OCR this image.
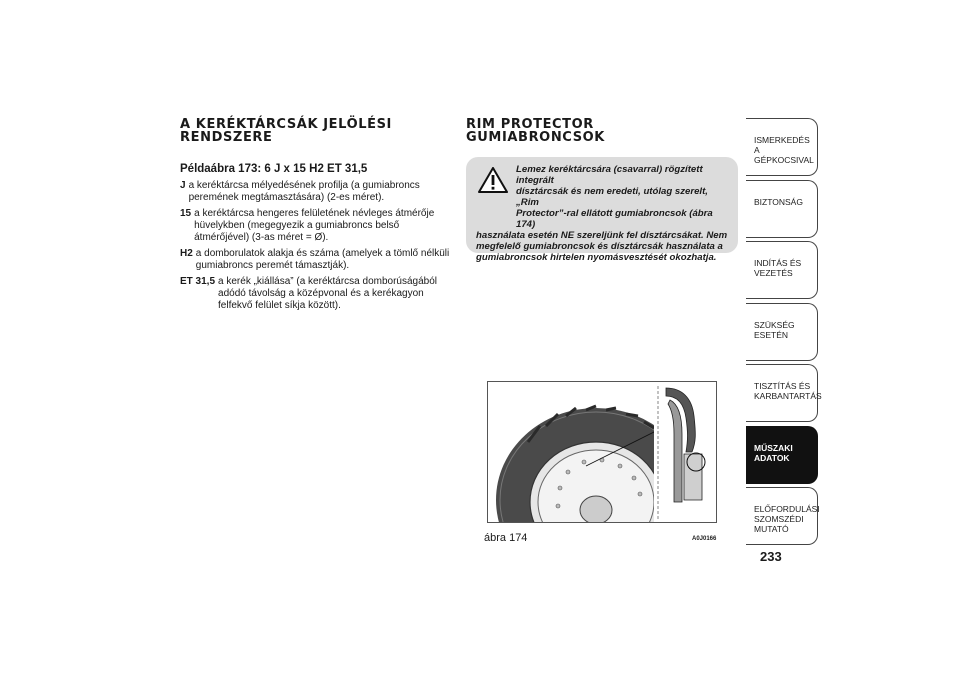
A KERÉKTÁRCSÁK JELÖLÉSI
RENDSZERE
Példaábra 173: 6 J x 15 H2 ET 31,5
J a keréktárcsa mélyedésének profilja (a gumiabroncs peremének megtámasztására) (2-es méret).
15 a keréktárcsa hengeres felületének névleges átmérője hüvelykben (megegyezik a gumiabroncs belső átmérőjével) (3-as méret = Ø).
H2 a domborulatok alakja és száma (amelyek a tömlő nélküli gumiabroncs peremét támasztják).
ET 31,5 a kerék „kiállása” (a keréktárcsa domborúságából adódó távolság a középvonal és a kerékagyon felfekvő felület síkja között).
RIM PROTECTOR GUMIABRONCSOK
Lemez keréktárcsára (csavarral) rögzített integrált
dísztárcsák és nem eredeti, utólag szerelt, „Rim
Protector”-ral ellátott gumiabroncsok (ábra 174)
használata esetén NE szereljünk fel dísztárcsákat. Nem megfelelő gumiabroncsok és dísztárcsák használata a gumiabroncsok hirtelen nyomásvesztését okozhatja.
ábra 174	A0J0166
ISMERKEDÉS A GÉPKOCSIVAL
BIZTONSÁG
INDÍTÁS ÉS VEZETÉS
SZÜKSÉG ESETÉN
TISZTÍTÁS ÉS KARBANTARTÁS
MŰSZAKI ADATOK
ELŐFORDULÁSI SZOMSZÉDI MUTATÓ
233
